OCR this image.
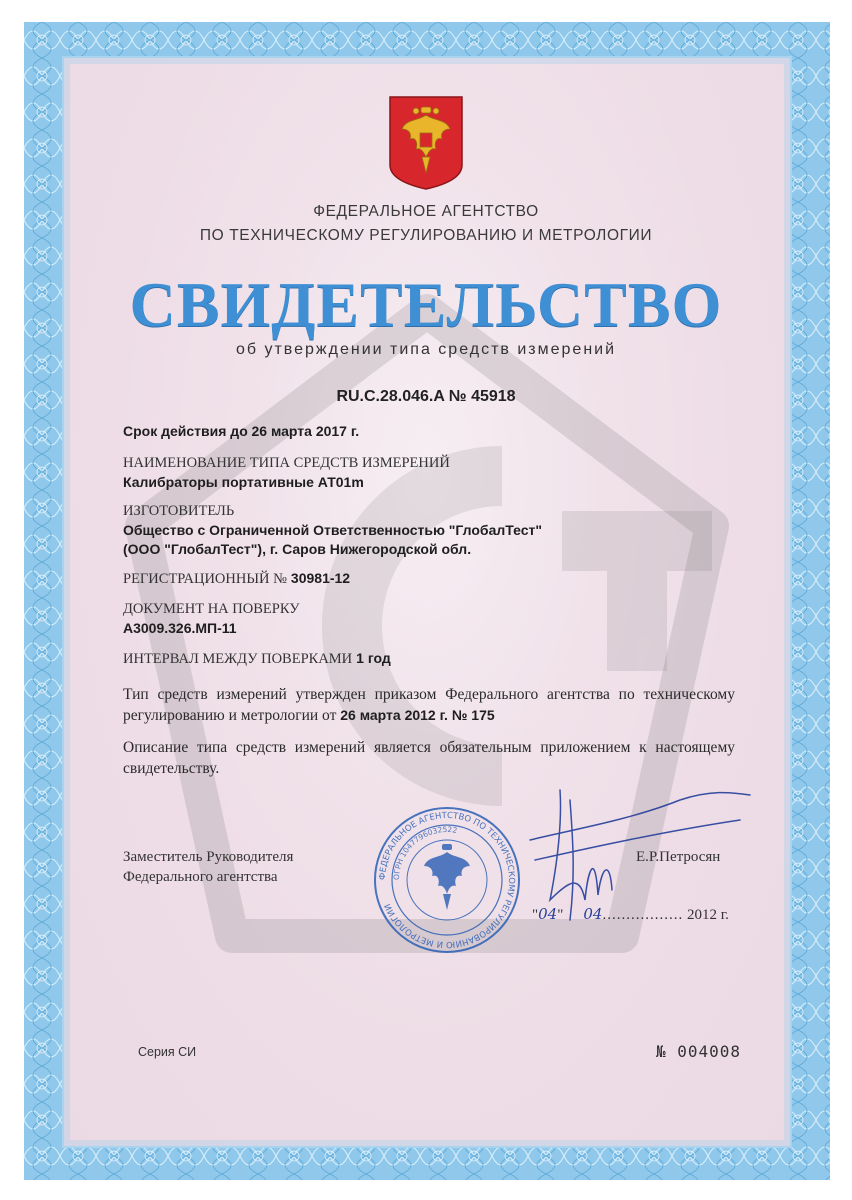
ФЕДЕРАЛЬНОЕ АГЕНТСТВО
ПО ТЕХНИЧЕСКОМУ РЕГУЛИРОВАНИЮ И МЕТРОЛОГИИ
СВИДЕТЕЛЬСТВО
об утверждении типа средств измерений
RU.C.28.046.A № 45918
Срок действия до 26 марта 2017 г.
НАИМЕНОВАНИЕ ТИПА СРЕДСТВ ИЗМЕРЕНИЙ
Калибраторы портативные АТ01m
ИЗГОТОВИТЕЛЬ
Общество с Ограниченной Ответственностью "ГлобалТест"
(ООО "ГлобалТест"), г. Саров Нижегородской обл.
РЕГИСТРАЦИОННЫЙ № 30981-12
ДОКУМЕНТ НА ПОВЕРКУ
А3009.326.МП-11
ИНТЕРВАЛ МЕЖДУ ПОВЕРКАМИ 1 год
Тип средств измерений утвержден приказом Федерального агентства по техническому регулированию и метрологии от 26 марта 2012 г. № 175
Описание типа средств измерений является обязательным приложением к настоящему свидетельству.
ФЕДЕРАЛЬНОЕ АГЕНТСТВО ПО ТЕХНИЧЕСКОМУ РЕГУЛИРОВАНИЮ И МЕТРОЛОГИИ
ОГРН 1047796032522
Заместитель Руководителя
Федерального агентства
Е.Р.Петросян
"04" 04................. 2012 г.
Серия СИ	№ 004008
